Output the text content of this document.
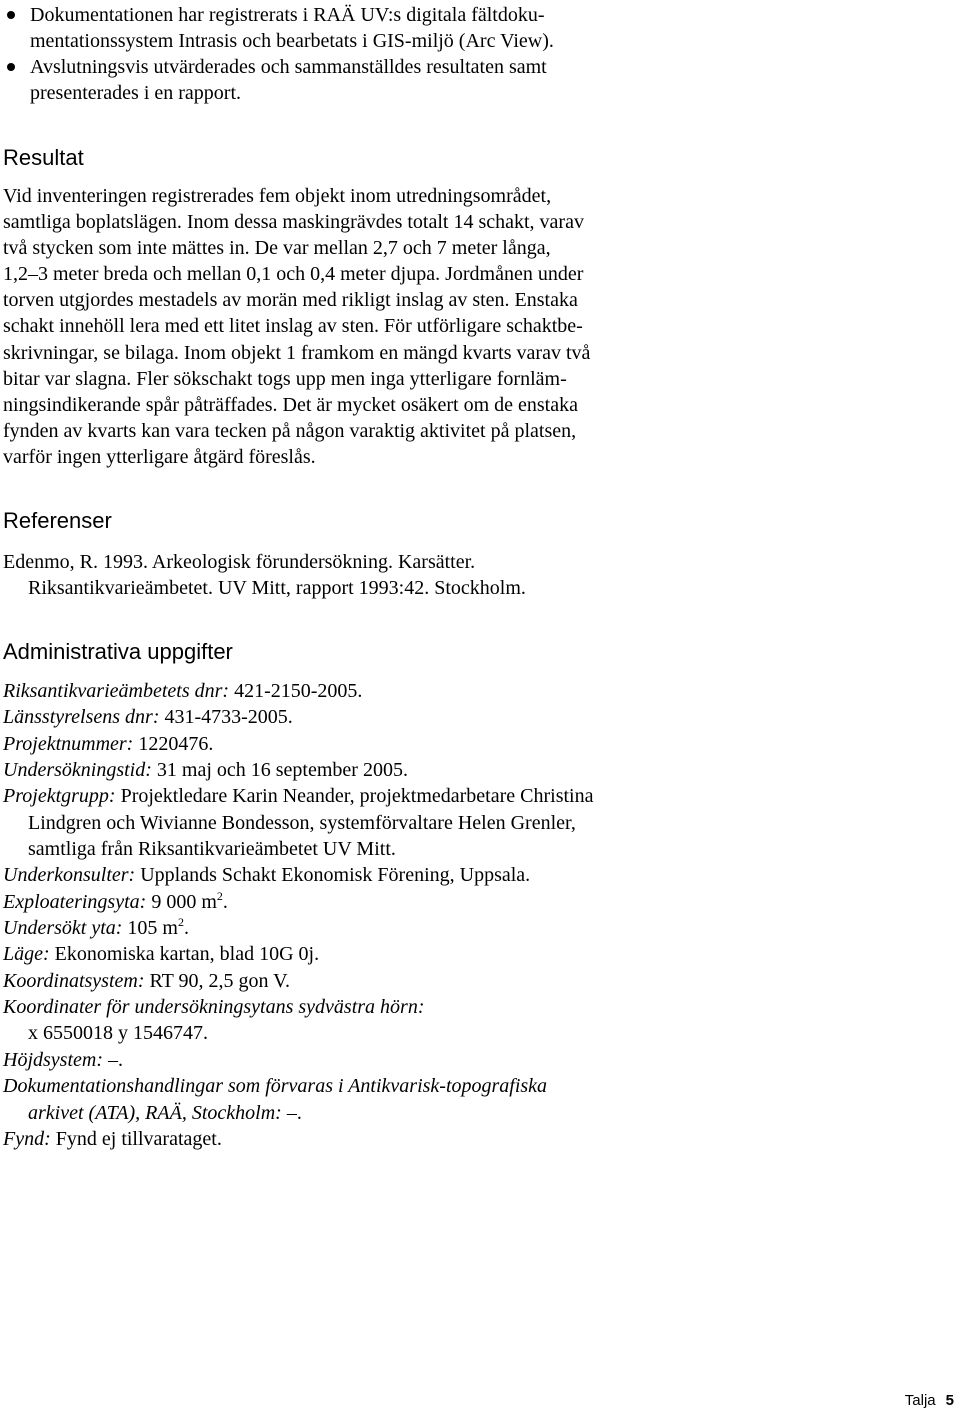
Dokumentationen har registrerats i RAÄ UV:s digitala fältdoku-
mentationssystem Intrasis och bearbetats i GIS-miljö (Arc View).
Avslutningsvis utvärderades och sammanställdes resultaten samt
presenterades i en rapport.
Resultat

Vid inventeringen registrerades fem objekt inom utredningsområdet,

samtliga boplatslägen. Inom dessa maskingrävdes totalt 14 schakt, varav

två stycken som inte mättes in. De var mellan 2,7 och 7 meter långa,

1,2–3 meter breda och mellan 0,1 och 0,4 meter djupa. Jordmånen under

torven utgjordes mestadels av morän med rikligt inslag av sten. Enstaka

schakt innehöll lera med ett litet inslag av sten. För utförligare schaktbe-

skrivningar, se bilaga. Inom objekt 1 framkom en mängd kvarts varav två

bitar var slagna. Fler sökschakt togs upp men inga ytterligare fornläm-

ningsindikerande spår påträffades. Det är mycket osäkert om de enstaka

fynden av kvarts kan vara tecken på någon varaktig aktivitet på platsen,

varför ingen ytterligare åtgärd föreslås.

Referenser
Edenmo, R. 1993. Arkeologisk förundersökning. Karsätter.
Riksantikvarieämbetet. UV Mitt, rapport 1993:42. Stockholm.
Administrativa uppgifter
Riksantikvarieämbetets dnr: 421-2150-2005.
Länsstyrelsens dnr: 431-4733-2005.
Projektnummer: 1220476.
Undersökningstid: 31 maj och 16 september 2005.
Projektgrupp: Projektledare Karin Neander, projektmedarbetare Christina
Lindgren och Wivianne Bondesson, systemförvaltare Helen Grenler,
samtliga från Riksantikvarieämbetet UV Mitt.
Underkonsulter: Upplands Schakt Ekonomisk Förening, Uppsala.
Exploateringsyta: 9 000 $m^2$.
Undersökt yta: 105 $m^2$.
Läge: Ekonomiska kartan, blad 10G 0j.
Koordinatsystem: RT 90, 2,5 gon V.
Koordinater för undersökningsytans sydvästra hörn:
x 6550018 y 1546747.
Höjdsystem: –.
Dokumentationshandlingar som förvaras i Antikvarisk-topografiska
arkivet (ATA), RAÄ, Stockholm: –.
Fynd: Fynd ej tillvarataget.
Talja 5
